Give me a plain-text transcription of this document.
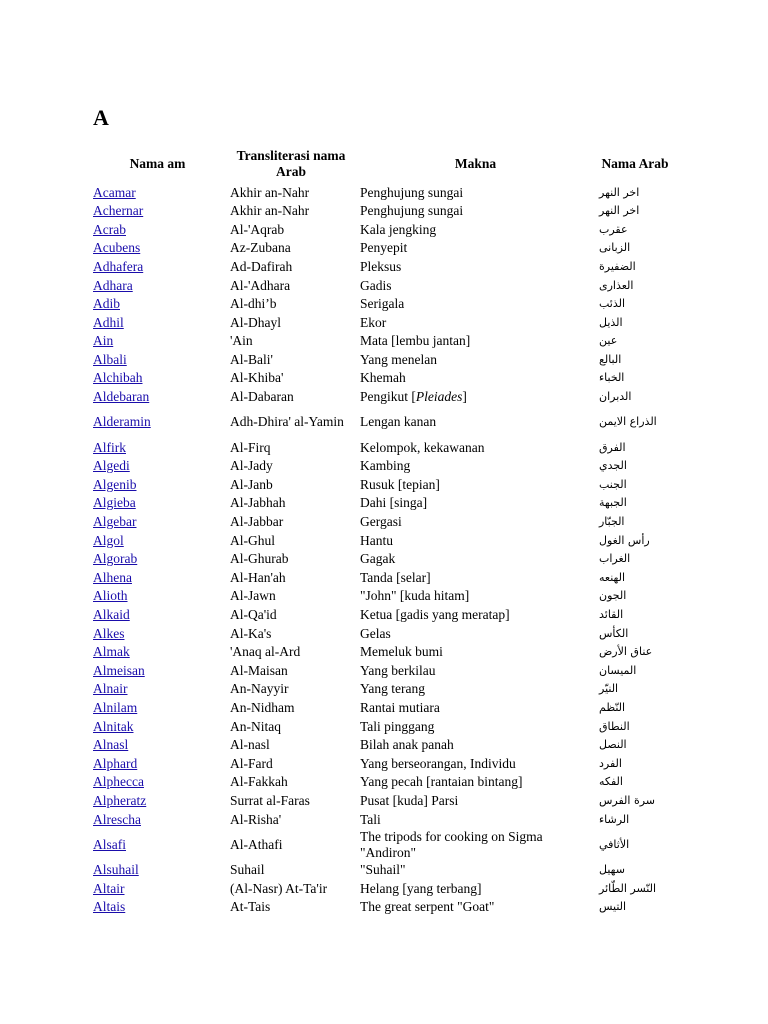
A
Nama am	Transliterasi nama Arab	Makna	Nama Arab
Acamar	Akhir an-Nahr	Penghujung sungai	اخر النهر
Achernar	Akhir an-Nahr	Penghujung sungai	اخر النهر
Acrab	Al-'Aqrab	Kala jengking	عقرب
Acubens	Az-Zubana	Penyepit	الزبانى
Adhafera	Ad-Dafirah	Pleksus	الضفيرة
Adhara	Al-'Adhara	Gadis	العذارى
Adib	Al-dhi’b	Serigala	الذئب
Adhil	Al-Dhayl	Ekor	الذيل
Ain	'Ain	Mata [lembu jantan]	عين
Albali	Al-Bali'	Yang menelan	البالع
Alchibah	Al-Khiba'	Khemah	الخباء
Aldebaran	Al-Dabaran	Pengikut [Pleiades]	الدبران
Alderamin	Adh-Dhira' al-Yamin	Lengan kanan	الذراع الايمن
Alfirk	Al-Firq	Kelompok, kekawanan	الفرق
Algedi	Al-Jady	Kambing	الجدي
Algenib	Al-Janb	Rusuk [tepian]	الجنب
Algieba	Al-Jabhah	Dahi [singa]	الجبهة
Algebar	Al-Jabbar	Gergasi	الجبّار
Algol	Al-Ghul	Hantu	رأس الغول
Algorab	Al-Ghurab	Gagak	الغراب
Alhena	Al-Han'ah	Tanda [selar]	الهنعه
Alioth	Al-Jawn	"John" [kuda hitam]	الجون
Alkaid	Al-Qa'id	Ketua [gadis yang meratap]	القائد
Alkes	Al-Ka's	Gelas	الكأس
Almak	'Anaq al-Ard	Memeluk bumi	عناق الأرض
Almeisan	Al-Maisan	Yang berkilau	الميسان
Alnair	An-Nayyir	Yang terang	النيّر
Alnilam	An-Nidham	Rantai mutiara	النّظم
Alnitak	An-Nitaq	Tali pinggang	النطاق
Alnasl	Al-nasl	Bilah anak panah	النصل
Alphard	Al-Fard	Yang berseorangan, Individu	الفرد
Alphecca	Al-Fakkah	Yang pecah [rantaian bintang]	الفكه
Alpheratz	Surrat al-Faras	Pusat [kuda] Parsi	سرة الفرس
Alrescha	Al-Risha'	Tali	الرشاء
Alsafi	Al-Athafi	The tripods for cooking on Sigma "Andiron"	الأثافي
Alsuhail	Suhail	"Suhail"	سهيل
Altair	(Al-Nasr) At-Ta'ir	Helang [yang terbang]	النّسر الطّائر
Altais	At-Tais	The great serpent "Goat"	التيس
